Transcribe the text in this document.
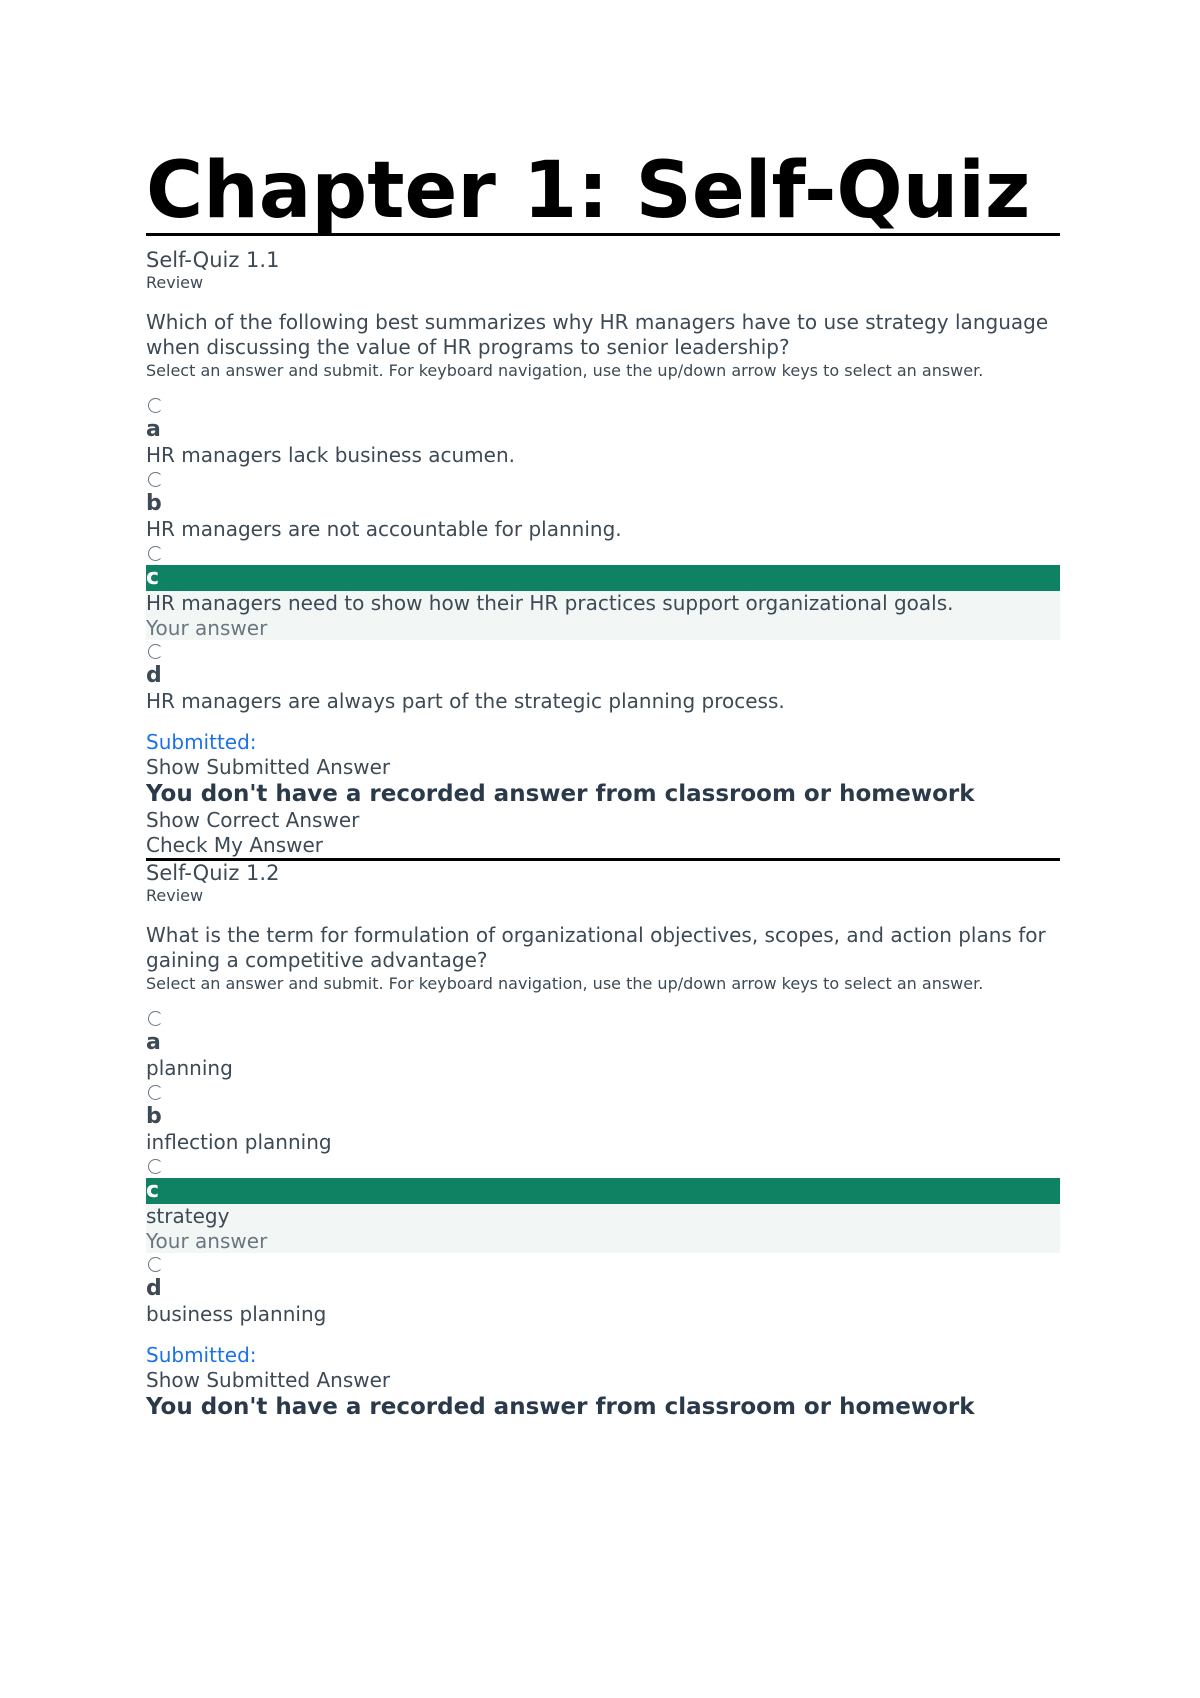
Chapter 1: Self-Quiz
Self-Quiz 1.1
Review
Which of the following best summarizes why HR managers have to use strategy language when discussing the value of HR programs to senior leadership?
Select an answer and submit. For keyboard navigation, use the up/down arrow keys to select an answer.
a
HR managers lack business acumen.
b
HR managers are not accountable for planning.
c
HR managers need to show how their HR practices support organizational goals.
Your answer
d
HR managers are always part of the strategic planning process.
Submitted:
Show Submitted Answer
You don't have a recorded answer from classroom or homework
Show Correct Answer
Check My Answer
Self-Quiz 1.2
Review
What is the term for formulation of organizational objectives, scopes, and action plans for gaining a competitive advantage?
Select an answer and submit. For keyboard navigation, use the up/down arrow keys to select an answer.
a
planning
b
inflection planning
c
strategy
Your answer
d
business planning
Submitted:
Show Submitted Answer
You don't have a recorded answer from classroom or homework
